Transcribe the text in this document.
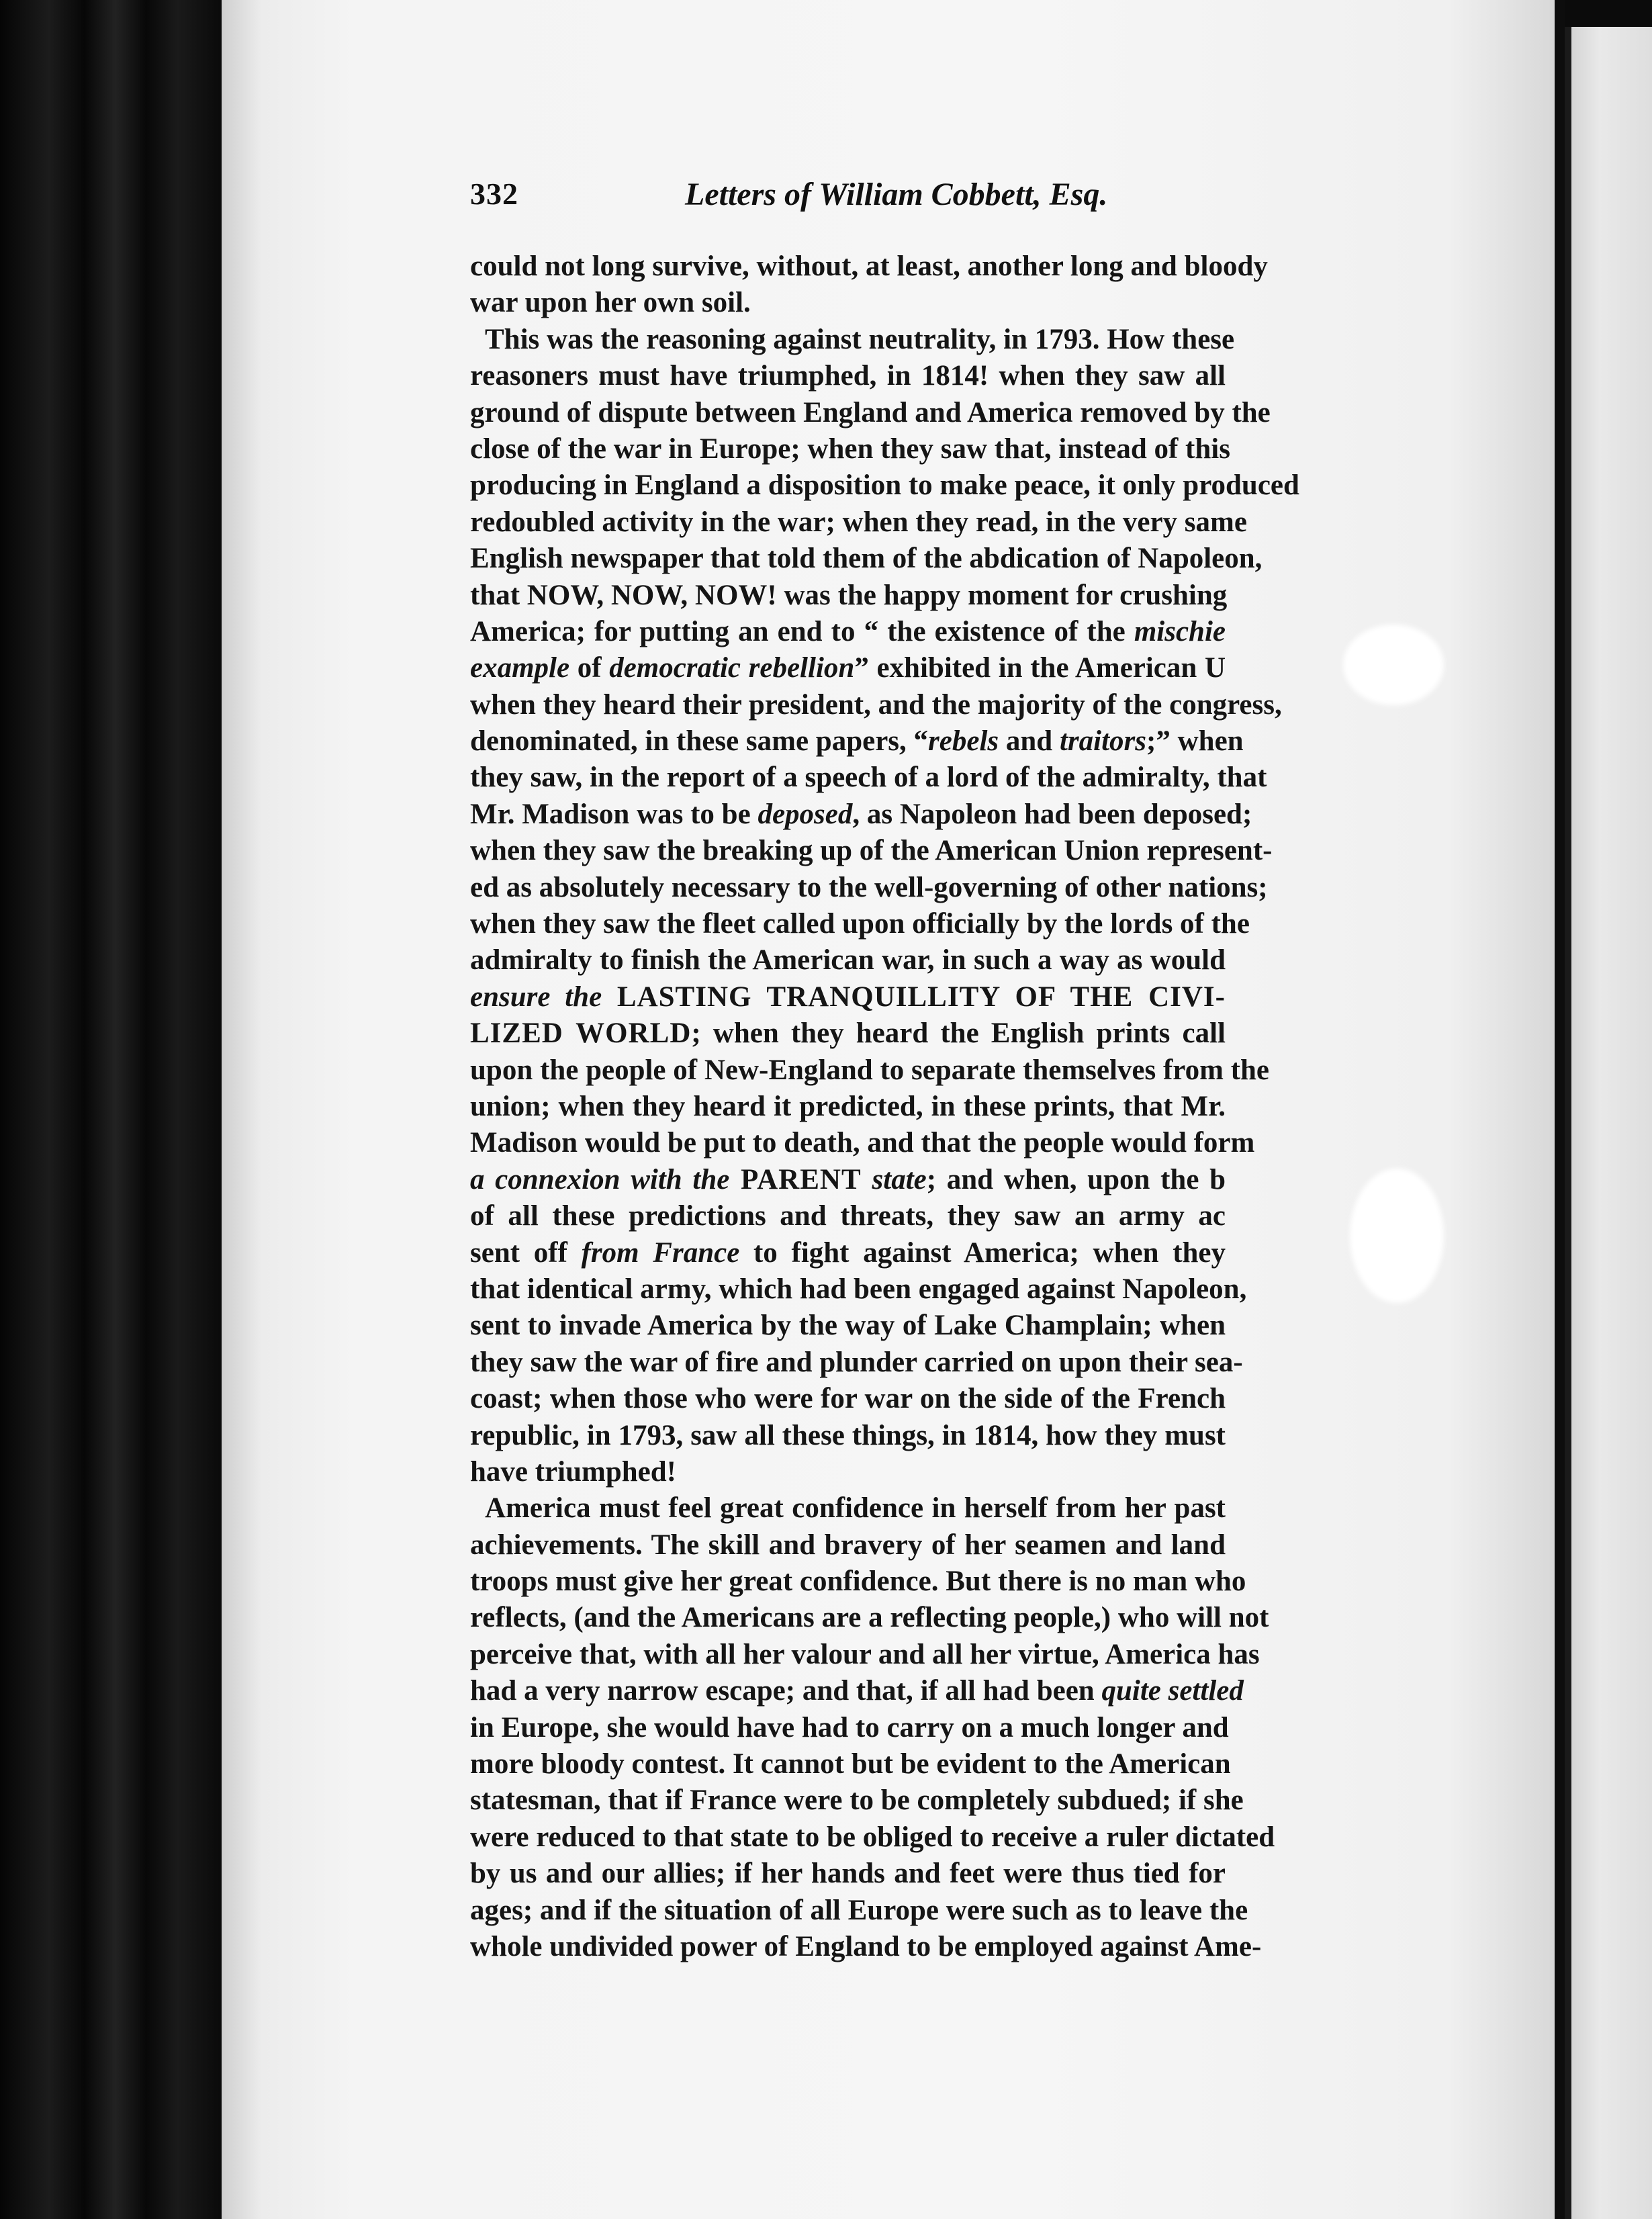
332	Letters of William Cobbett, Esq.
could not long survive, without, at least, another long and bloody
war upon her own soil.
This was the reasoning against neutrality, in 1793. How these
reasoners must have triumphed, in 1814! when they saw all
ground of dispute between England and America removed by the
close of the war in Europe; when they saw that, instead of this
producing in England a disposition to make peace, it only produced
redoubled activity in the war; when they read, in the very same
English newspaper that told them of the abdication of Napoleon,
that NOW, NOW, NOW! was the happy moment for crushing
America; for putting an end to “ the existence of the mischie
example of democratic rebellion” exhibited in the American U
when they heard their president, and the majority of the congress,
denominated, in these same papers, “rebels and traitors;” when
they saw, in the report of a speech of a lord of the admiralty, that
Mr. Madison was to be deposed, as Napoleon had been deposed;
when they saw the breaking up of the American Union represent-
ed as absolutely necessary to the well-governing of other nations;
when they saw the fleet called upon officially by the lords of the
admiralty to finish the American war, in such a way as would
ensure the LASTING TRANQUILLITY OF THE CIVI-
LIZED WORLD; when they heard the English prints call
upon the people of New-England to separate themselves from the
union; when they heard it predicted, in these prints, that Mr.
Madison would be put to death, and that the people would form
a connexion with the PARENT state; and when, upon the b
of all these predictions and threats, they saw an army ac
sent off from France to fight against America; when they
that identical army, which had been engaged against Napoleon,
sent to invade America by the way of Lake Champlain; when
they saw the war of fire and plunder carried on upon their sea-
coast; when those who were for war on the side of the French
republic, in 1793, saw all these things, in 1814, how they must
have triumphed!
America must feel great confidence in herself from her past
achievements. The skill and bravery of her seamen and land
troops must give her great confidence. But there is no man who
reflects, (and the Americans are a reflecting people,) who will not
perceive that, with all her valour and all her virtue, America has
had a very narrow escape; and that, if all had been quite settled
in Europe, she would have had to carry on a much longer and
more bloody contest. It cannot but be evident to the American
statesman, that if France were to be completely subdued; if she
were reduced to that state to be obliged to receive a ruler dictated
by us and our allies; if her hands and feet were thus tied for
ages; and if the situation of all Europe were such as to leave the
whole undivided power of England to be employed against Ame-
